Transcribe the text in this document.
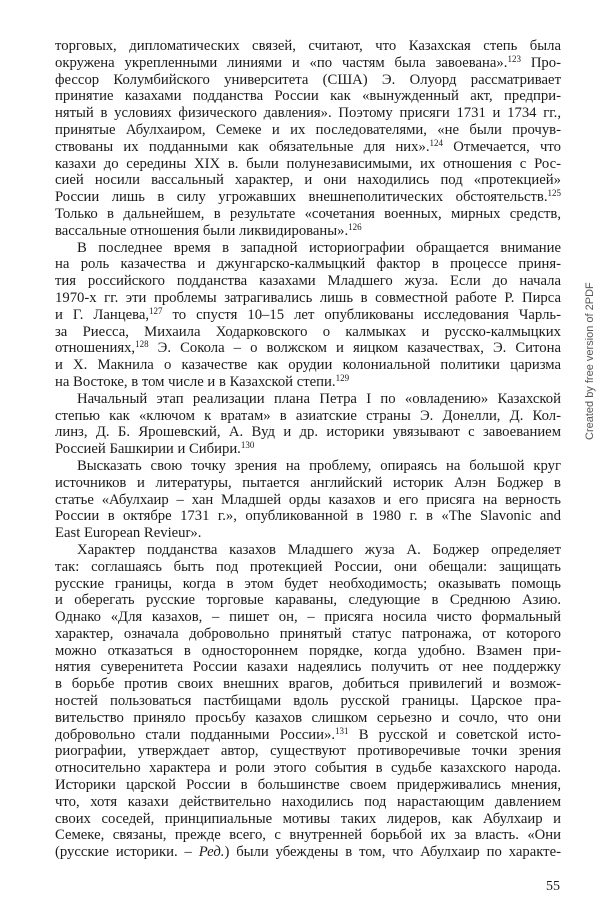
торговых, дипломатических связей, считают, что Казахская степь была
окружена укрепленными линиями и «по частям была завоевана».$^{123}$ Про-
фессор Колумбийского университета (США) Э. Олуорд рассматривает
принятие казахами подданства России как «вынужденный акт, предпри-
нятый в условиях физического давления». Поэтому присяги 1731 и 1734 гг.,
принятые Абулхаиром, Семеке и их последователями, «не были прочув-
ствованы их подданными как обязательные для них».$^{124}$ Отмечается, что
казахи до середины XIX в. были полунезависимыми, их отношения с Рос-
сией носили вассальный характер, и они находились под «протекцией»
России лишь в силу угрожавших внешнеполитических обстоятельств.$^{125}$
Только в дальнейшем, в результате «сочетания военных, мирных средств,
вассальные отношения были ликвидированы».$^{126}$
В последнее время в западной историографии обращается внимание
на роль казачества и джунгарско-калмыцкий фактор в процессе приня-
тия российского подданства казахами Младшего жуза. Если до начала
1970-х гг. эти проблемы затрагивались лишь в совместной работе Р. Пирса
и Г. Ланцева,$^{127}$ то спустя 10–15 лет опубликованы исследования Чарль-
за Риесса, Михаила Ходарковского о калмыках и русско-калмыцких
отношениях,$^{128}$ Э. Сокола – о волжском и яицком казачествах, Э. Ситона
и Х. Макнила о казачестве как орудии колониальной политики царизма
на Востоке, в том числе и в Казахской степи.$^{129}$
Начальный этап реализации плана Петра I по «овладению» Казахской
степью как «ключом к вратам» в азиатские страны Э. Донелли, Д. Кол-
линз, Д. Б. Ярошевский, А. Вуд и др. историки увязывают с завоеванием
Россией Башкирии и Сибири.$^{130}$
Высказать свою точку зрения на проблему, опираясь на большой круг
источников и литературы, пытается английский историк Алэн Боджер в
статье «Абулхаир – хан Младшей орды казахов и его присяга на верность
России в октябре 1731 г.», опубликованной в 1980 г. в «The Slavonic and
East European Revieur».
Характер подданства казахов Младшего жуза А. Боджер определяет
так: соглашаясь быть под протекцией России, они обещали: защищать
русские границы, когда в этом будет необходимость; оказывать помощь
и оберегать русские торговые караваны, следующие в Среднюю Азию.
Однако «Для казахов, – пишет он, – присяга носила чисто формальный
характер, означала добровольно принятый статус патронажа, от которого
можно отказаться в одностороннем порядке, когда удобно. Взамен при-
нятия суверенитета России казахи надеялись получить от нее поддержку
в борьбе против своих внешних врагов, добиться привилегий и возмож-
ностей пользоваться пастбищами вдоль русской границы. Царское пра-
вительство приняло просьбу казахов слишком серьезно и сочло, что они
добровольно стали подданными России».$^{131}$ В русской и советской исто-
риографии, утверждает автор, существуют противоречивые точки зрения
относительно характера и роли этого события в судьбе казахского народа.
Историки царской России в большинстве своем придерживались мнения,
что, хотя казахи действительно находились под нарастающим давлением
своих соседей, принципиальные мотивы таких лидеров, как Абулхаир и
Семеке, связаны, прежде всего, с внутренней борьбой их за власть. «Они
(русские историки. – Ред.) были убеждены в том, что Абулхаир по характе-
55
Created by free version of 2PDF
